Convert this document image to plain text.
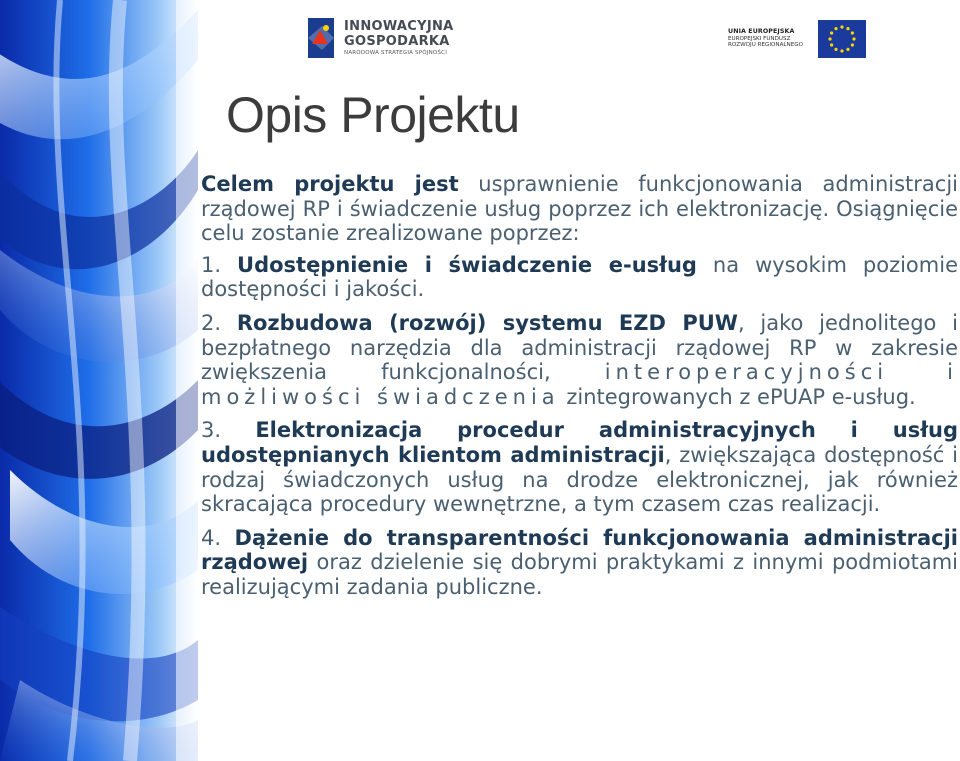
INNOWACYJNA
GOSPODARKA
NARODOWA STRATEGIA SPÓJNOŚCI
UNIA EUROPEJSKA
EUROPEJSKI FUNDUSZ
ROZWOJU REGIONALNEGO
Opis Projektu

Celem projektu jest usprawnienie funkcjonowania administracji rządowej RP i świadczenie usług poprzez ich elektronizację. Osiągnięcie celu zostanie zrealizowane poprzez:

1. Udostępnienie i świadczenie e-usług na wysokim poziomie dostępności i jakości.

2. Rozbudowa (rozwój) systemu EZD PUW, jako jednolitego i bezpłatnego narzędzia dla administracji rządowej RP w zakresie zwiększenia funkcjonalności,	interoperacyjności i możliwości świadczenia zintegrowanych z ePUAP e-usług.

3. Elektronizacja procedur administracyjnych i usług udostępnianych klientom administracji, zwiększająca dostępność i rodzaj świadczonych usług na drodze elektronicznej, jak również skracająca procedury wewnętrzne, a tym czasem czas realizacji.

4. Dążenie do transparentności funkcjonowania administracji rządowej oraz dzielenie się dobrymi praktykami z innymi podmiotami realizującymi zadania publiczne.
